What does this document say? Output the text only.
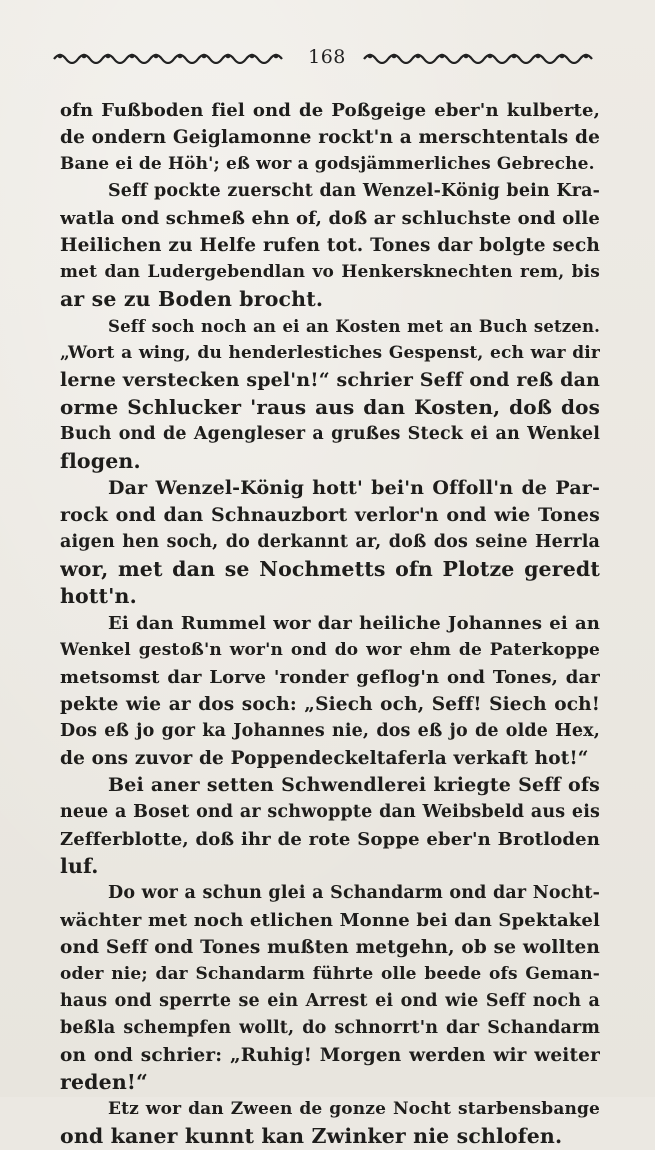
168
ofn Fußboden fiel ond de Poßgeige eber'n kulberte,
de ondern Geiglamonne rockt'n a merschtentals de
Bane ei de Höh'; eß wor a godsjämmerliches Gebreche.
Seff pockte zuerscht dan Wenzel-König bein Kra-
watla ond schmeß ehn of, doß ar schluchste ond olle
Heilichen zu Helfe rufen tot. Tones dar bolgte sech
met dan Ludergebendlan vo Henkersknechten rem, bis
ar se zu Boden brocht.
Seff soch noch an ei an Kosten met an Buch setzen.
„Wort a wing, du henderlestiches Gespenst, ech war dir
lerne verstecken spel'n!“ schrier Seff ond reß dan
orme Schlucker 'raus aus dan Kosten, doß dos
Buch ond de Agengleser a grußes Steck ei an Wenkel
flogen.
Dar Wenzel-König hott' bei'n Offoll'n de Par-
rock ond dan Schnauzbort verlor'n ond wie Tones
aigen hen soch, do derkannt ar, doß dos seine Herrla
wor, met dan se Nochmetts ofn Plotze geredt
hott'n.
Ei dan Rummel wor dar heiliche Johannes ei an
Wenkel gestoß'n wor'n ond do wor ehm de Paterkoppe
metsomst dar Lorve 'ronder geflog'n ond Tones, dar
pekte wie ar dos soch: „Siech och, Seff! Siech och!
Dos eß jo gor ka Johannes nie, dos eß jo de olde Hex,
de ons zuvor de Poppendeckeltaferla verkaft hot!“
Bei aner setten Schwendlerei kriegte Seff ofs
neue a Boset ond ar schwoppte dan Weibsbeld aus eis
Zefferblotte, doß ihr de rote Soppe eber'n Brotloden
luf.
Do wor a schun glei a Schandarm ond dar Nocht-
wächter met noch etlichen Monne bei dan Spektakel
ond Seff ond Tones mußten metgehn, ob se wollten
oder nie; dar Schandarm führte olle beede ofs Geman-
haus ond sperrte se ein Arrest ei ond wie Seff noch a
beßla schempfen wollt, do schnorrt'n dar Schandarm
on ond schrier: „Ruhig! Morgen werden wir weiter
reden!“
Etz wor dan Zween de gonze Nocht starbensbange
ond kaner kunnt kan Zwinker nie schlofen.
